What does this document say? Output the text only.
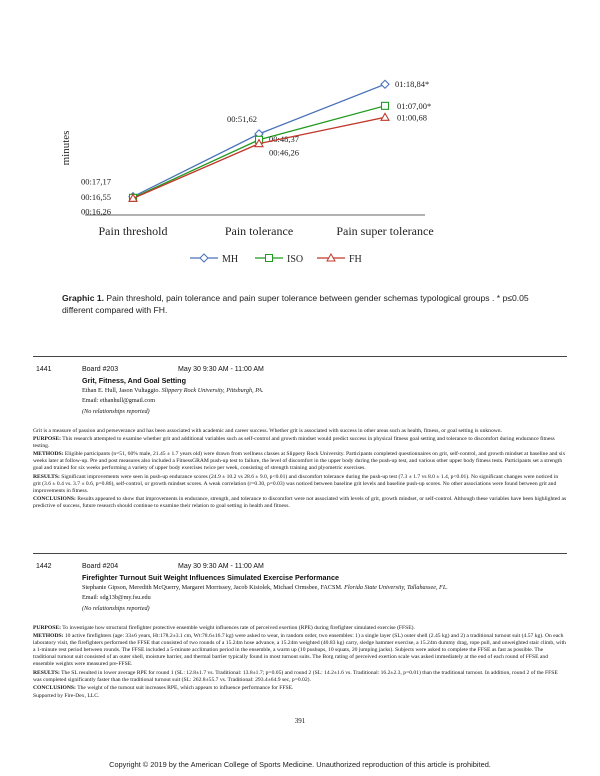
minutes
Pain threshold	Pain tolerance	Pain super tolerance
00:17,17
00:51,62
01:18,84*
00:16,55
00:48,37
01:07,00*
00:16,26
00:46,26
01:00,68
MH	ISO	FH
Graphic 1. Pain threshold, pain tolerance and pain super tolerance between gender schemas typological groups . * p≤0.05 different compared with FH.
1441	Board #203	May 30 9:30 AM - 11:00 AM
Grit, Fitness, And Goal Setting
Ethan E. Hull, Jason Vultaggio. Slippery Rock University, Pittsburgh, PA.
Email: ethanhull@gmail.com
(No relationships reported)

Grit is a measure of passion and perseverance and has been associated with academic and career success. Whether grit is associated with success in other areas such as health, fitness, or goal setting is unknown.

PURPOSE: This research attempted to examine whether grit and additional variables such as self-control and growth mindset would predict success in physical fitness goal setting and tolerance to discomfort during endurance fitness testing.

METHODS: Eligible participants (n=51, 60% male, 21.45 ± 1.7 years old) were drawn from wellness classes at Slippery Rock University. Participants completed questionnaires on grit, self-control, and growth mindset at baseline and six weeks later at follow-up. Pre and post measures also included a FitnessGRAM push-up test to failure, the level of discomfort in the upper body during the push-up test, and various other upper body fitness tests. Participants set a strength goal and trained for six weeks performing a variety of upper body exercises twice per week, consisting of strength training and plyometric exercises.

RESULTS: Significant improvements were seen in push-up endurance scores (24.9 ± 10.2 vs 28.6 ± 9.0, p<0.01) and discomfort tolerance during the push-up test (7.3 ± 1.7 vs 8.0 ± 1.4, p<0.01). No significant changes were noticed in grit (3.6 ± 0.4 vs. 3.7 ± 0.6, p=0.86), self-control, or growth mindset scores. A weak correlation (r=0.30, p=0.03) was noticed between baseline grit levels and baseline push-up scores. No other associations were found between grit and improvements in fitness.

CONCLUSIONS: Results appeared to show that improvements in endurance, strength, and tolerance to discomfort were not associated with levels of grit, growth mindset, or self-control. Although these variables have been highlighted as predictive of success, future research should continue to examine their relation to goal setting in health and fitness.

1442	Board #204	May 30 9:30 AM - 11:00 AM
Firefighter Turnout Suit Weight Influences Simulated Exercise Performance
Stephanie Gipson, Meredith McQuerry, Margaret Morrissey, Jacob Kisiolek, Michael Ormsbee, FACSM. Florida State University, Tallahassee, FL.
Email: sdg13b@my.fsu.edu
(No relationships reported)

PURPOSE: To investigate how structural firefighter protective ensemble weight influences rate of perceived exertion (RPE) during firefighter simulated exercise (FFSE).

METHODS: 10 active firefighters (age: 33±6 years, Ht:178.2±3.1 cm, Wt:78.6±16.7 kg) were asked to wear, in random order, two ensembles: 1) a single layer (SL) outer shell (2.45 kg) and 2) a traditional turnout suit (4.57 kg). On each laboratory visit, the firefighters performed the FFSE that consisted of two rounds of a 15.24m hose advance, a 15.24m weighted (40.83 kg) carry, sledge hammer exercise, a 15.24m dummy drag, rope pull, and unweighted stair climb, with a 1-minute rest period between rounds. The FFSE included a 5-minute acclimation period in the ensemble, a warm up (10 pushups, 10 squats, 20 jumping jacks). Subjects were asked to complete the FFSE as fast as possible. The traditional turnout suit consisted of an outer shell, moisture barrier, and thermal barrier typically found in most turnout suits. The Borg rating of perceived exertion scale was asked immediately at the end of each round of FFSE and ensemble weights were measured pre-FFSE.

RESULTS: The SL resulted in lower average RPE for round 1 (SL: 12.8±1.7 vs. Traditional: 13.8±1.7; p=0.05) and round 2 (SL: 14.2±1.6 vs. Traditional: 16.2±2.3, p=0.01) than the traditional turnout. In addition, round 2 of the FFSE was completed significantly faster than the traditional turnout suit (SL: 262.8±55.7 vs. Traditional: 293.4±64.9 sec, p=0.02).

CONCLUSIONS: The weight of the turnout suit increases RPE, which appears to influence performance for FFSE.

Supported by Fire-Dex, LLC.

391
Copyright © 2019 by the American College of Sports Medicine. Unauthorized reproduction of this article is prohibited.
